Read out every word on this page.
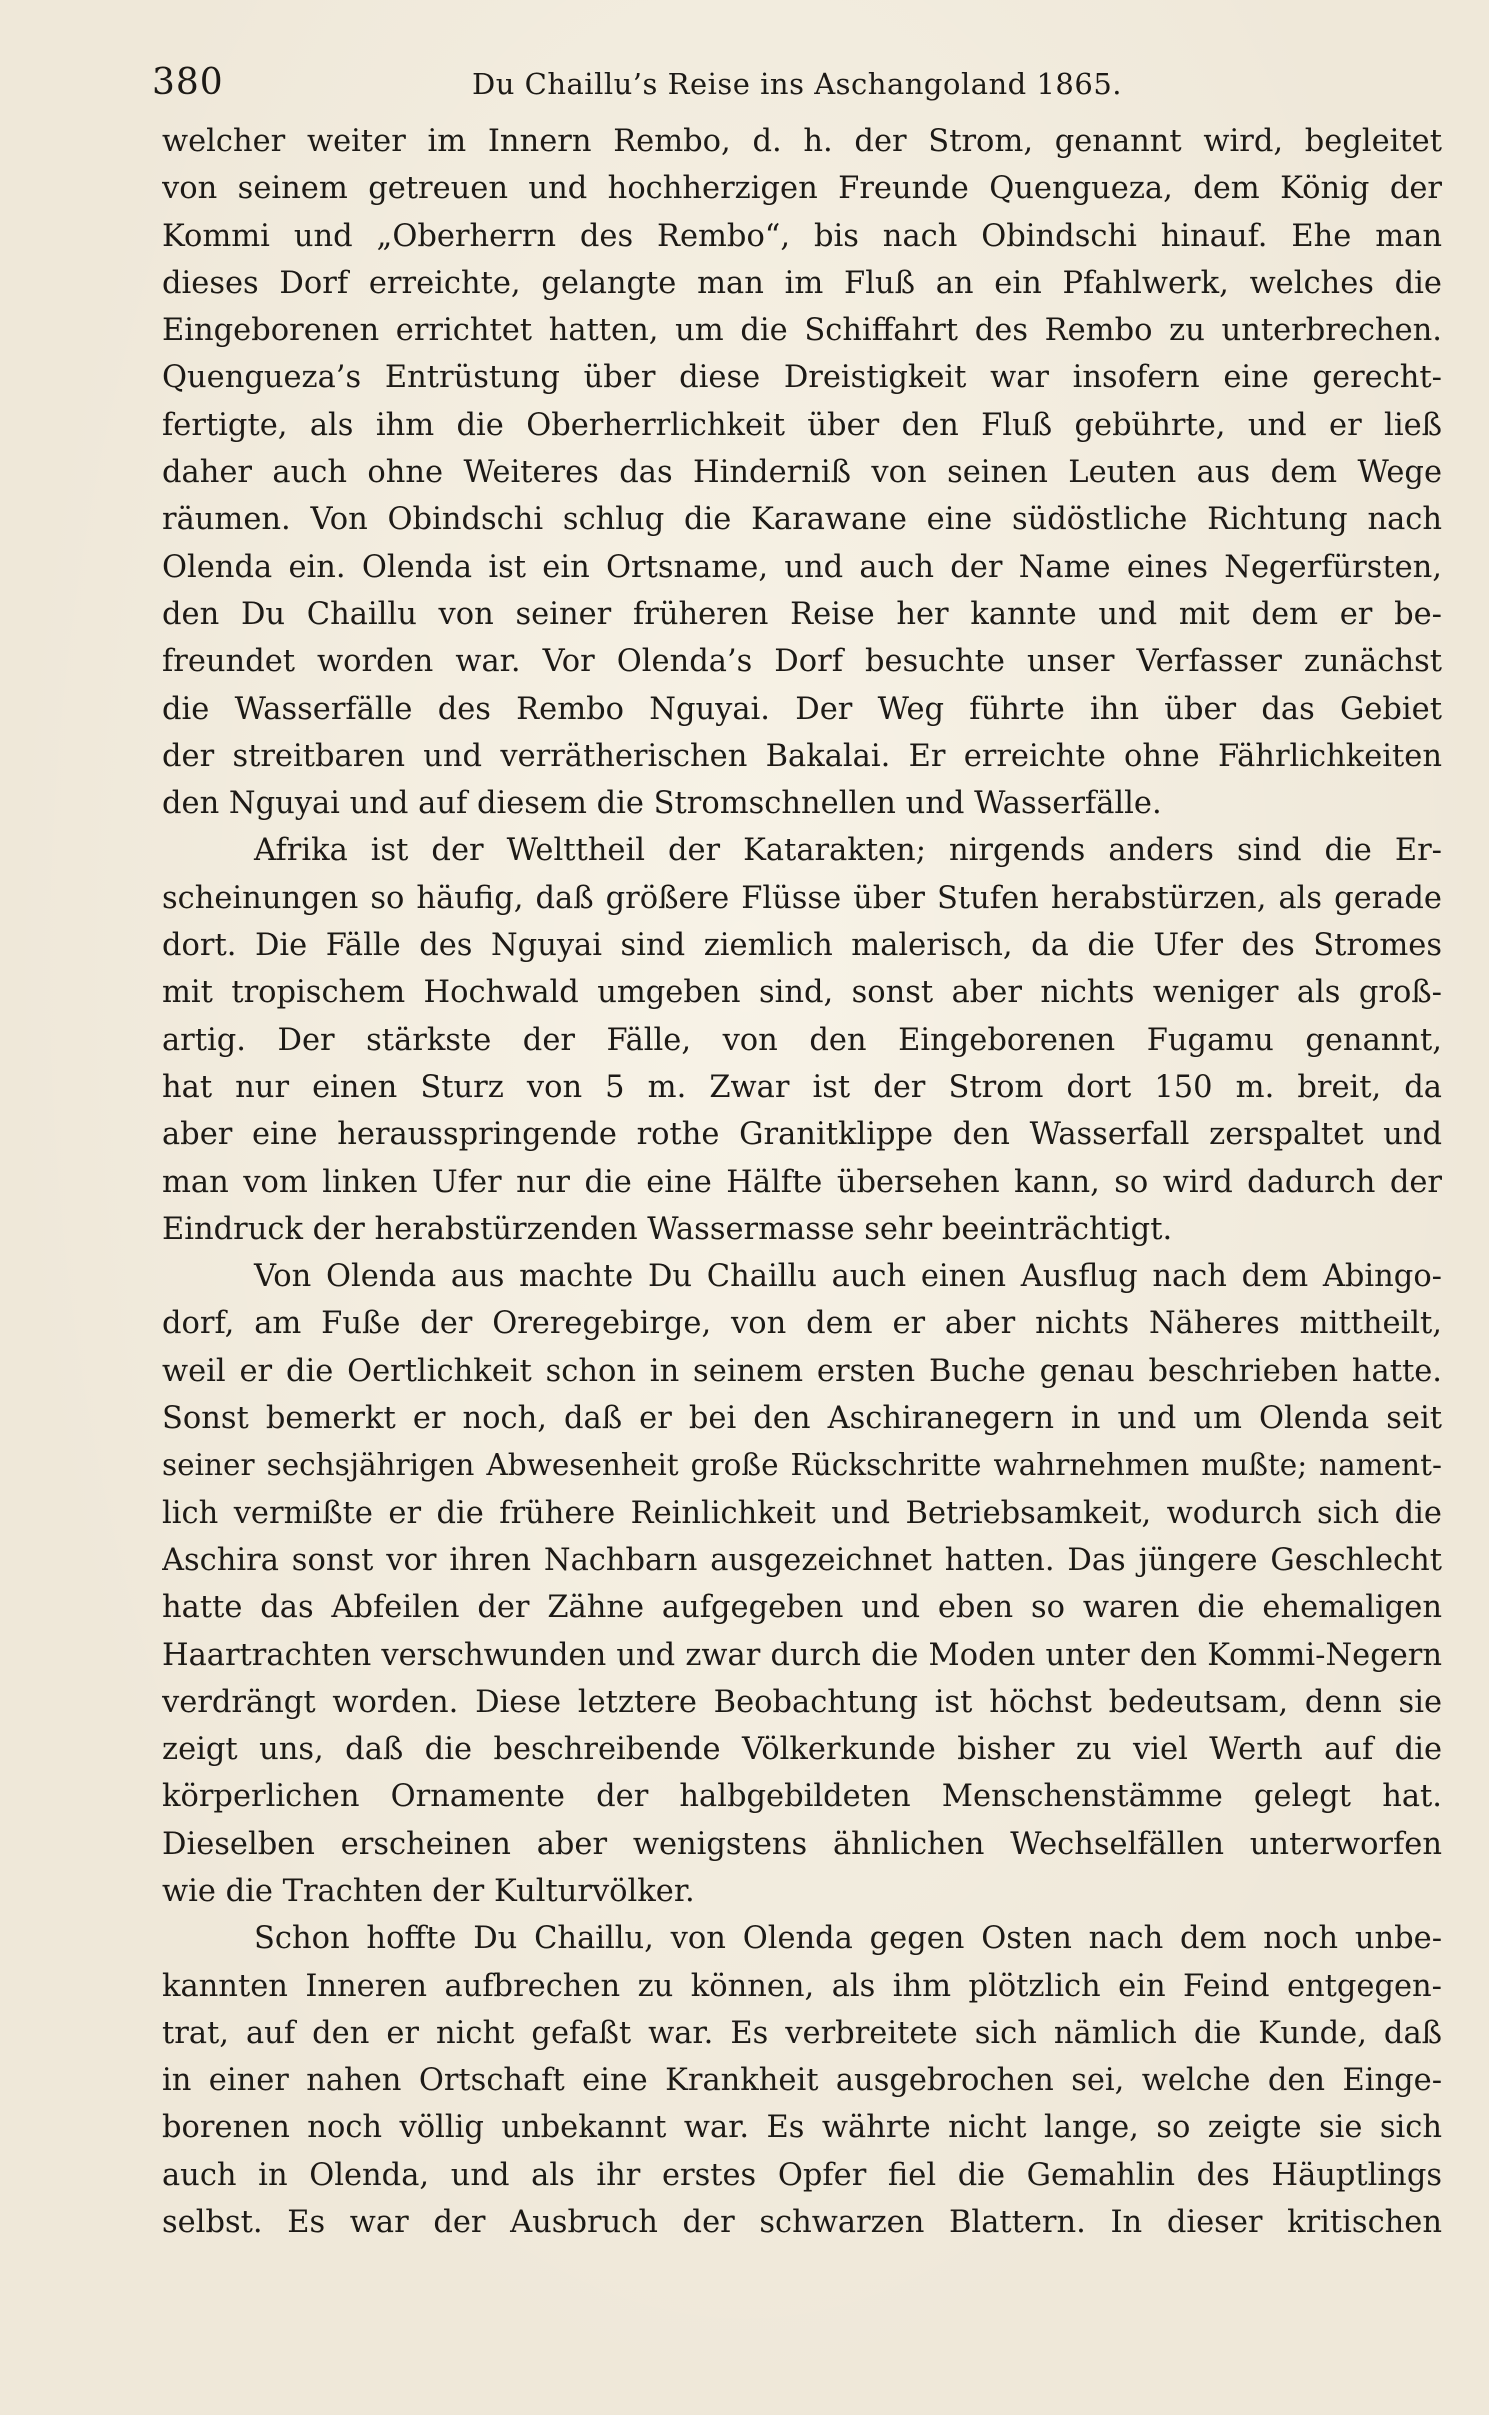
380	Du Chaillu’s Reise ins Aschangoland 1865.
welcher weiter im Innern Rembo, d. h. der Strom, genannt wird, begleitet
von seinem getreuen und hochherzigen Freunde Quengueza, dem König der
Kommi und „Oberherrn des Rembo“, bis nach Obindschi hinauf. Ehe man
dieses Dorf erreichte, gelangte man im Fluß an ein Pfahlwerk, welches die
Eingeborenen errichtet hatten, um die Schiffahrt des Rembo zu unterbrechen.
Quengueza’s Entrüstung über diese Dreistigkeit war insofern eine gerecht-
fertigte, als ihm die Oberherrlichkeit über den Fluß gebührte, und er ließ
daher auch ohne Weiteres das Hinderniß von seinen Leuten aus dem Wege
räumen. Von Obindschi schlug die Karawane eine südöstliche Richtung nach
Olenda ein. Olenda ist ein Ortsname, und auch der Name eines Negerfürsten,
den Du Chaillu von seiner früheren Reise her kannte und mit dem er be-
freundet worden war. Vor Olenda’s Dorf besuchte unser Verfasser zunächst
die Wasserfälle des Rembo Nguyai. Der Weg führte ihn über das Gebiet
der streitbaren und verrätherischen Bakalai. Er erreichte ohne Fährlichkeiten
den Nguyai und auf diesem die Stromschnellen und Wasserfälle.
Afrika ist der Welttheil der Katarakten; nirgends anders sind die Er-
scheinungen so häufig, daß größere Flüsse über Stufen herabstürzen, als gerade
dort. Die Fälle des Nguyai sind ziemlich malerisch, da die Ufer des Stromes
mit tropischem Hochwald umgeben sind, sonst aber nichts weniger als groß-
artig. Der stärkste der Fälle, von den Eingeborenen Fugamu genannt,
hat nur einen Sturz von 5 m. Zwar ist der Strom dort 150 m. breit, da
aber eine herausspringende rothe Granitklippe den Wasserfall zerspaltet und
man vom linken Ufer nur die eine Hälfte übersehen kann, so wird dadurch der
Eindruck der herabstürzenden Wassermasse sehr beeinträchtigt.
Von Olenda aus machte Du Chaillu auch einen Ausflug nach dem Abingo-
dorf, am Fuße der Oreregebirge, von dem er aber nichts Näheres mittheilt,
weil er die Oertlichkeit schon in seinem ersten Buche genau beschrieben hatte.
Sonst bemerkt er noch, daß er bei den Aschiranegern in und um Olenda seit
seiner sechsjährigen Abwesenheit große Rückschritte wahrnehmen mußte; nament-
lich vermißte er die frühere Reinlichkeit und Betriebsamkeit, wodurch sich die
Aschira sonst vor ihren Nachbarn ausgezeichnet hatten. Das jüngere Geschlecht
hatte das Abfeilen der Zähne aufgegeben und eben so waren die ehemaligen
Haartrachten verschwunden und zwar durch die Moden unter den Kommi-Negern
verdrängt worden. Diese letztere Beobachtung ist höchst bedeutsam, denn sie
zeigt uns, daß die beschreibende Völkerkunde bisher zu viel Werth auf die
körperlichen Ornamente der halbgebildeten Menschenstämme gelegt hat.
Dieselben erscheinen aber wenigstens ähnlichen Wechselfällen unterworfen
wie die Trachten der Kulturvölker.
Schon hoffte Du Chaillu, von Olenda gegen Osten nach dem noch unbe-
kannten Inneren aufbrechen zu können, als ihm plötzlich ein Feind entgegen-
trat, auf den er nicht gefaßt war. Es verbreitete sich nämlich die Kunde, daß
in einer nahen Ortschaft eine Krankheit ausgebrochen sei, welche den Einge-
borenen noch völlig unbekannt war. Es währte nicht lange, so zeigte sie sich
auch in Olenda, und als ihr erstes Opfer fiel die Gemahlin des Häuptlings
selbst. Es war der Ausbruch der schwarzen Blattern. In dieser kritischen
